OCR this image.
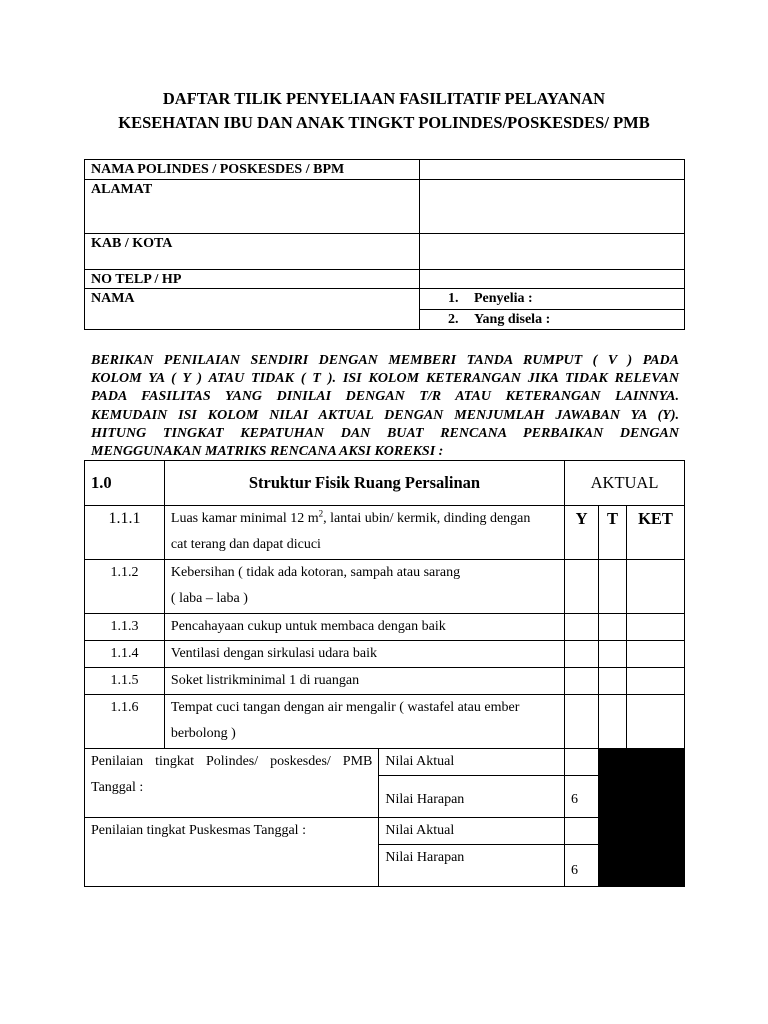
DAFTAR TILIK PENYELIAAN FASILITATIF PELAYANAN
KESEHATAN IBU DAN ANAK TINGKT POLINDES/POSKESDES/ PMB
NAMA POLINDES / POSKESDES / BPM	
ALAMAT	
KAB / KOTA	
NO TELP / HP	
NAMA	1. Penyelia :
	2. Yang disela :
BERIKAN PENILAIAN SENDIRI DENGAN MEMBERI TANDA RUMPUT ( V ) PADA
KOLOM YA ( Y ) ATAU TIDAK ( T ). ISI KOLOM KETERANGAN JIKA TIDAK RELEVAN
PADA FASILITAS YANG DINILAI DENGAN T/R ATAU KETERANGAN LAINNYA.
KEMUDAIN ISI KOLOM NILAI AKTUAL DENGAN MENJUMLAH JAWABAN YA (Y).
HITUNG TINGKAT KEPATUHAN DAN BUAT RENCANA PERBAIKAN DENGAN
MENGGUNAKAN MATRIKS RENCANA AKSI KOREKSI :
1.0	Struktur Fisik Ruang Persalinan		AKTUAL		
1.1.1	Luas kamar minimal 12 $m^2$, lantai ubin/ kermik, dinding dengan
cat terang dan dapat dicuci		Y	T	KET
1.1.2	Kebersihan ( tidak ada kotoran, sampah atau sarang
( laba – laba )				
1.1.3	Pencahayaan cukup untuk membaca dengan baik				
1.1.4	Ventilasi dengan sirkulasi udara baik				
1.1.5	Soket listrikminimal 1 di ruangan				
1.1.6	Tempat cuci tangan dengan air mengalir ( wastafel atau ember
berbolong )				

Penilaian tingkat Polindes/ poskesdes/ PMB
Tanggal :		Nilai Aktual			
		Nilai Harapan	6		
Penilaian tingkat Puskesmas Tanggal :		Nilai Aktual			
		Nilai Harapan	6		
